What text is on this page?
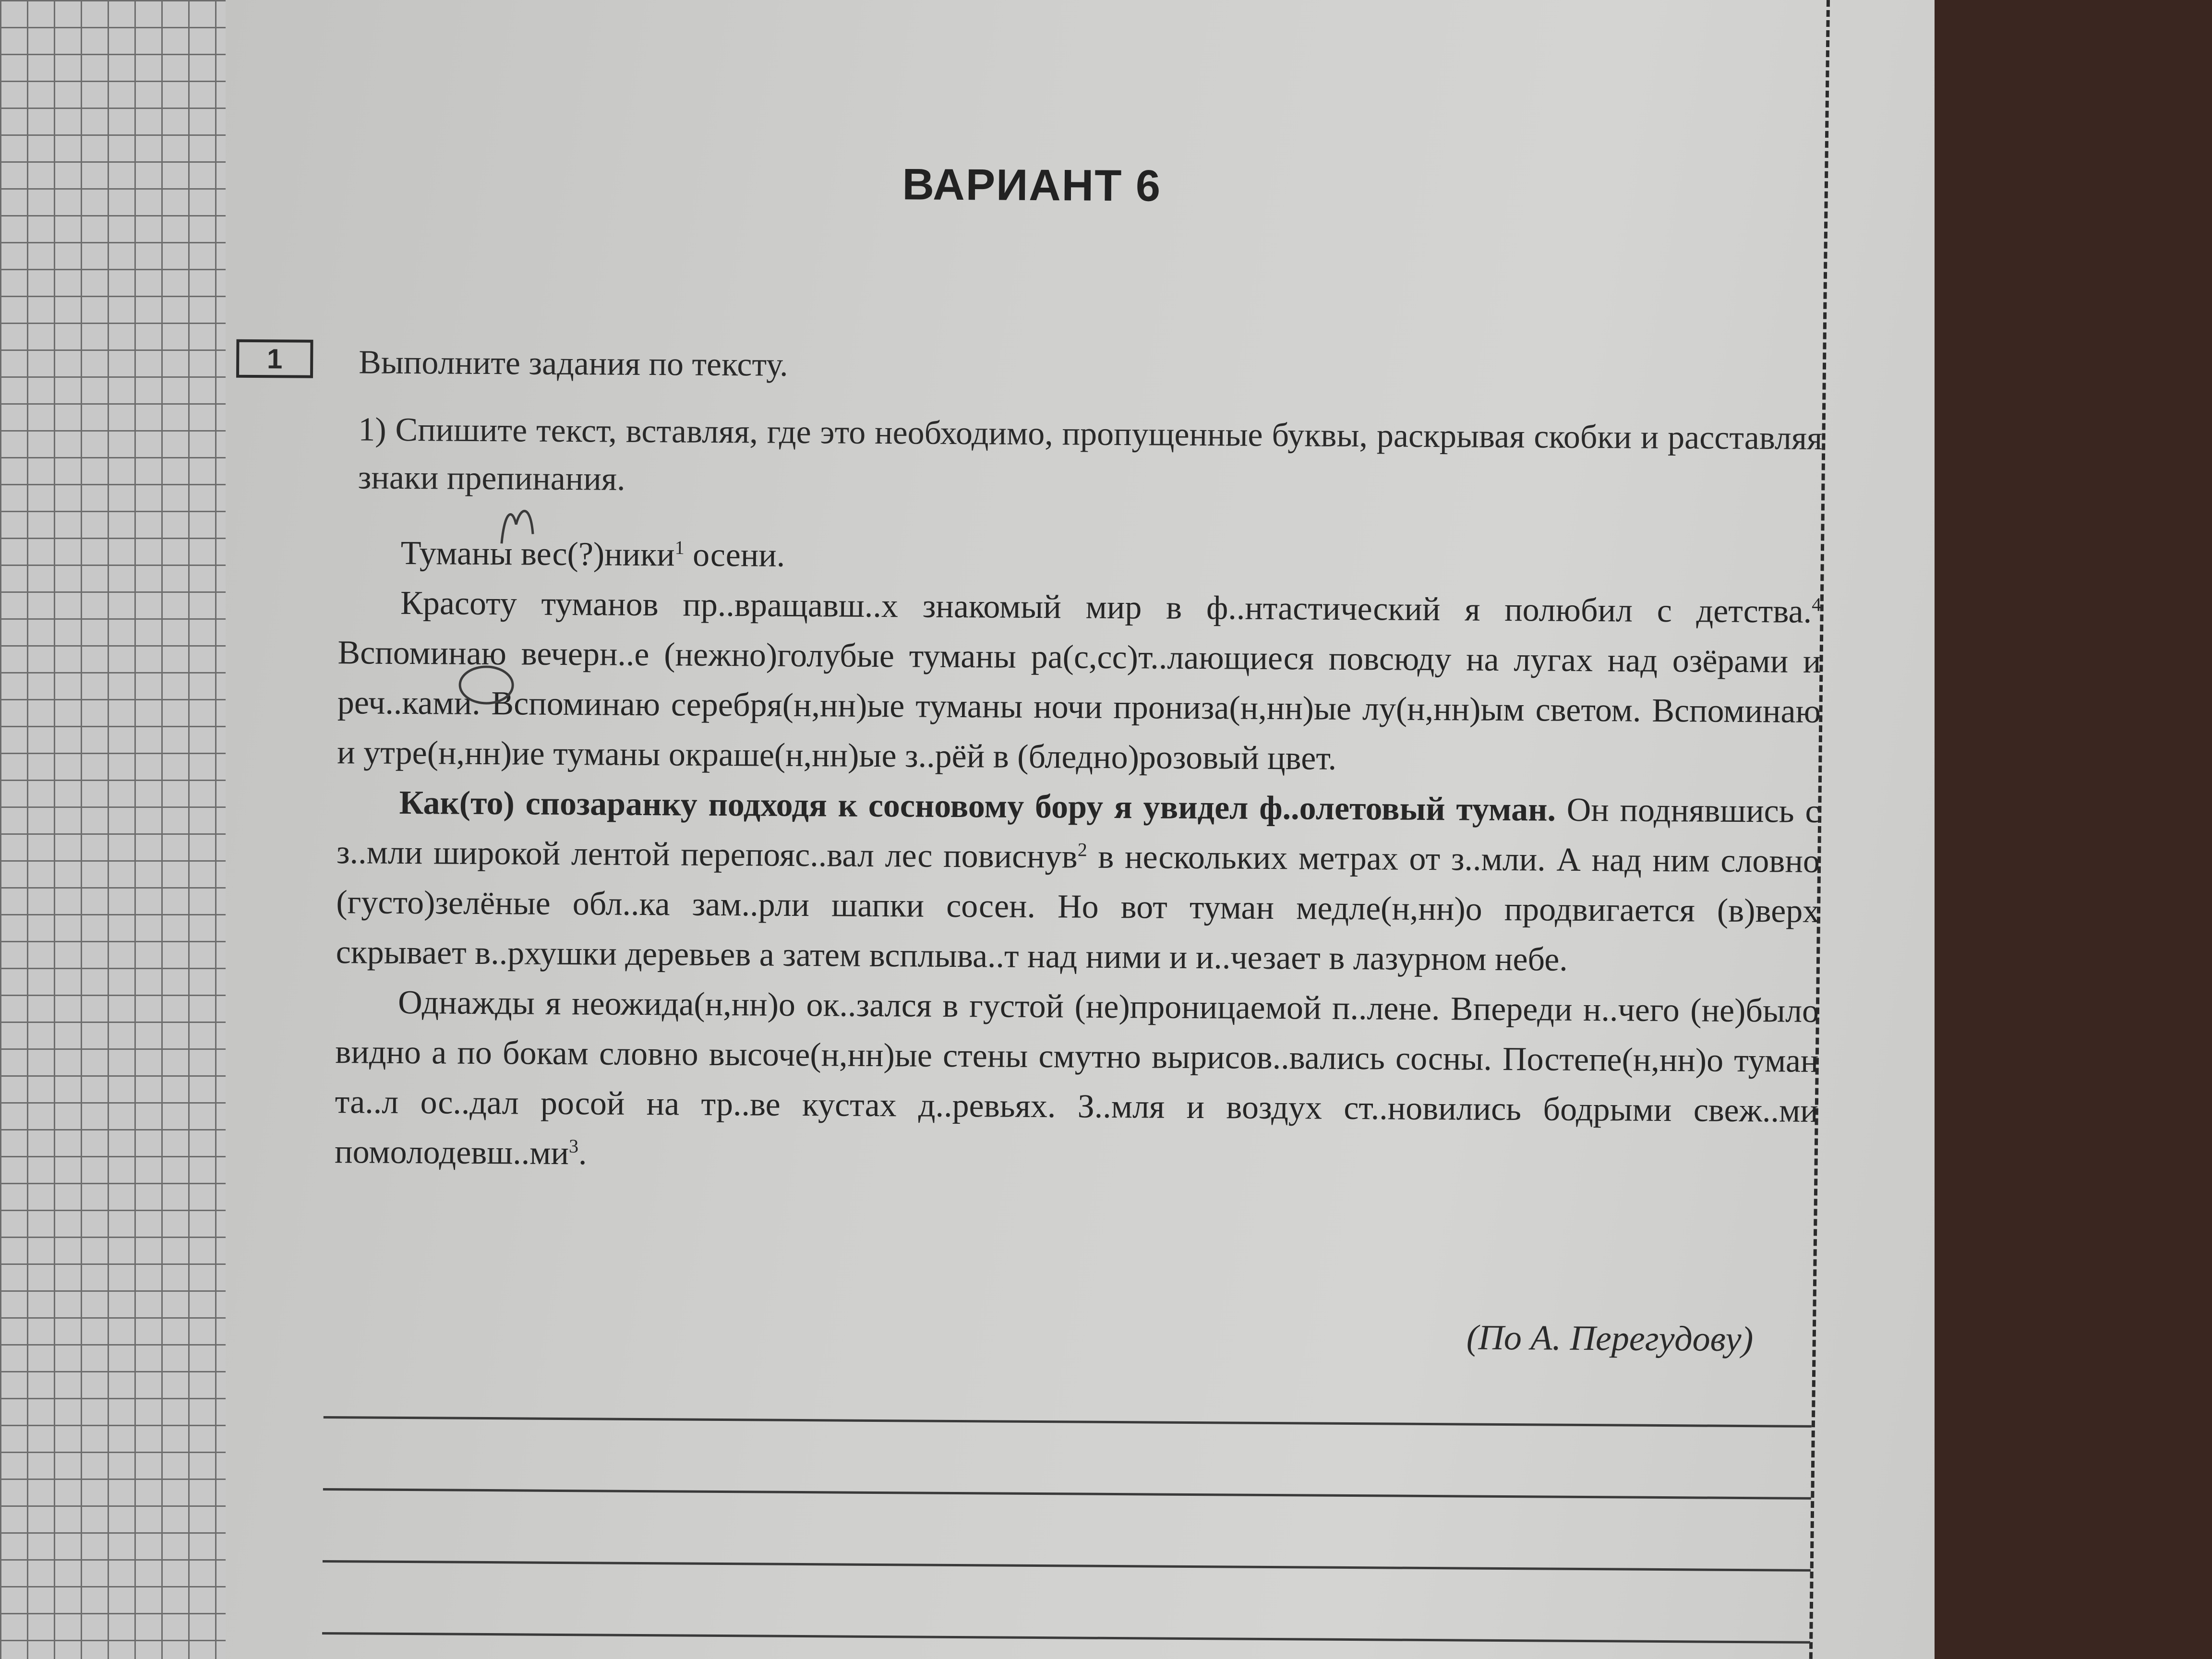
ВАРИАНТ 6
1 Выполните задания по тексту.
1) Спишите текст, вставляя, где это необходимо, пропущенные буквы, раскрывая скобки и расставляя знаки препинания.

Туманы вес(?)ники$^1$ осени.

Красоту туманов пр..вращавш..х знакомый мир в ф..нтастический я полюбил с детства.$^4$ Вспоминаю вечерн..е (нежно)голубые туманы ра(с,сс)т..лающиеся повсюду на лугах над озёрами и реч..ками. Вспоминаю серебря(н,нн)ые туманы ночи прониза(н,нн)ые лу(н,нн)ым светом. Вспоминаю и утре(н,нн)ие туманы окраше(н,нн)ые з..рёй в (бледно)розовый цвет.

Как(то) спозаранку подходя к сосновому бору я увидел ф..олетовый туман. Он поднявшись с з..мли широкой лентой перепояс..вал лес повиснув$^2$ в нескольких метрах от з..мли. А над ним словно (густо)зелёные обл..ка зам..рли шапки сосен. Но вот туман медле(н,нн)о продвигается (в)верх скрывает в..рхушки деревьев а затем всплыва..т над ними и и..чезает в лазурном небе.

Однажды я неожида(н,нн)о ок..зался в густой (не)проницаемой п..лене. Впереди н..чего (не)было видно а по бокам словно высоче(н,нн)ые стены смутно вырисов..вались сосны. Постепе(н,нн)о туман та..л ос..дал росой на тр..ве кустах д..ревьях. З..мля и воздух ст..новились бодрыми свеж..ми $помолодевш..ми^3$.

(По А. Перегудову)
